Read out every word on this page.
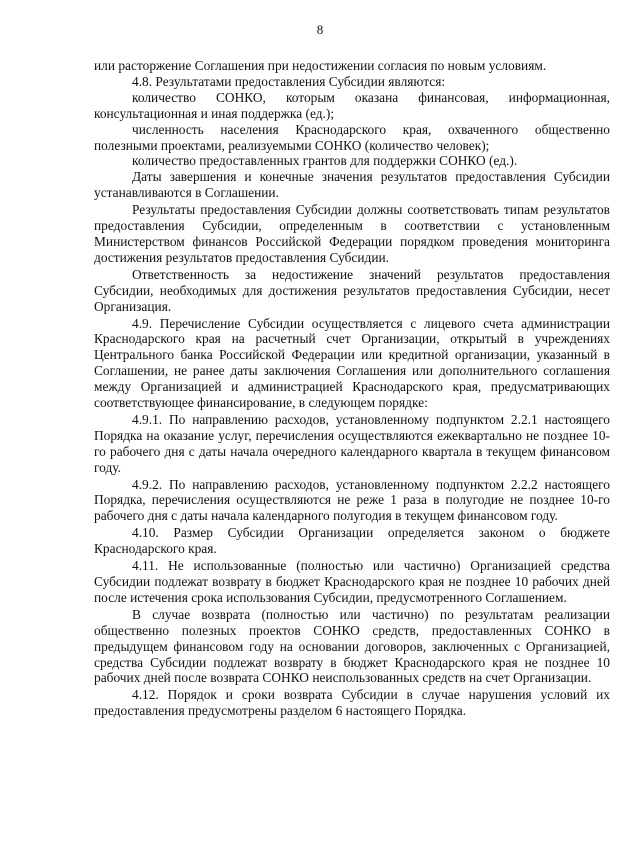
8

или расторжение Соглашения при недостижении согласия по новым условиям.

4.8. Результатами предоставления Субсидии являются:

количество СОНКО, которым оказана финансовая, информационная, консультационная и иная поддержка (ед.);

численность населения Краснодарского края, охваченного общественно полезными проектами, реализуемыми СОНКО (количество человек);

количество предоставленных грантов для поддержки СОНКО (ед.).

Даты завершения и конечные значения результатов предоставления Субсидии устанавливаются в Соглашении.

Результаты предоставления Субсидии должны соответствовать типам результатов предоставления Субсидии, определенным в соответствии с установленным Министерством финансов Российской Федерации порядком проведения мониторинга достижения результатов предоставления Субсидии.

Ответственность за недостижение значений результатов предоставления Субсидии, необходимых для достижения результатов предоставления Субсидии, несет Организация.

4.9. Перечисление Субсидии осуществляется с лицевого счета администрации Краснодарского края на расчетный счет Организации, открытый в учреждениях Центрального банка Российской Федерации или кредитной организации, указанный в Соглашении, не ранее даты заключения Соглашения или дополнительного соглашения между Организацией и администрацией Краснодарского края, предусматривающих соответствующее финансирование, в следующем порядке:

4.9.1. По направлению расходов, установленному подпунктом 2.2.1 настоящего Порядка на оказание услуг, перечисления осуществляются ежеквартально не позднее 10-го рабочего дня с даты начала очередного календарного квартала в текущем финансовом году.

4.9.2. По направлению расходов, установленному подпунктом 2.2.2 настоящего Порядка, перечисления осуществляются не реже 1 раза в полугодие не позднее 10-го рабочего дня с даты начала календарного полугодия в текущем финансовом году.

4.10. Размер Субсидии Организации определяется законом о бюджете Краснодарского края.

4.11. Не использованные (полностью или частично) Организацией средства Субсидии подлежат возврату в бюджет Краснодарского края не позднее 10 рабочих дней после истечения срока использования Субсидии, предусмотренного Соглашением.

В случае возврата (полностью или частично) по результатам реализации общественно полезных проектов СОНКО средств, предоставленных СОНКО в предыдущем финансовом году на основании договоров, заключенных с Организацией, средства Субсидии подлежат возврату в бюджет Краснодарского края не позднее 10 рабочих дней после возврата СОНКО неиспользованных средств на счет Организации.

4.12. Порядок и сроки возврата Субсидии в случае нарушения условий их предоставления предусмотрены разделом 6 настоящего Порядка.
